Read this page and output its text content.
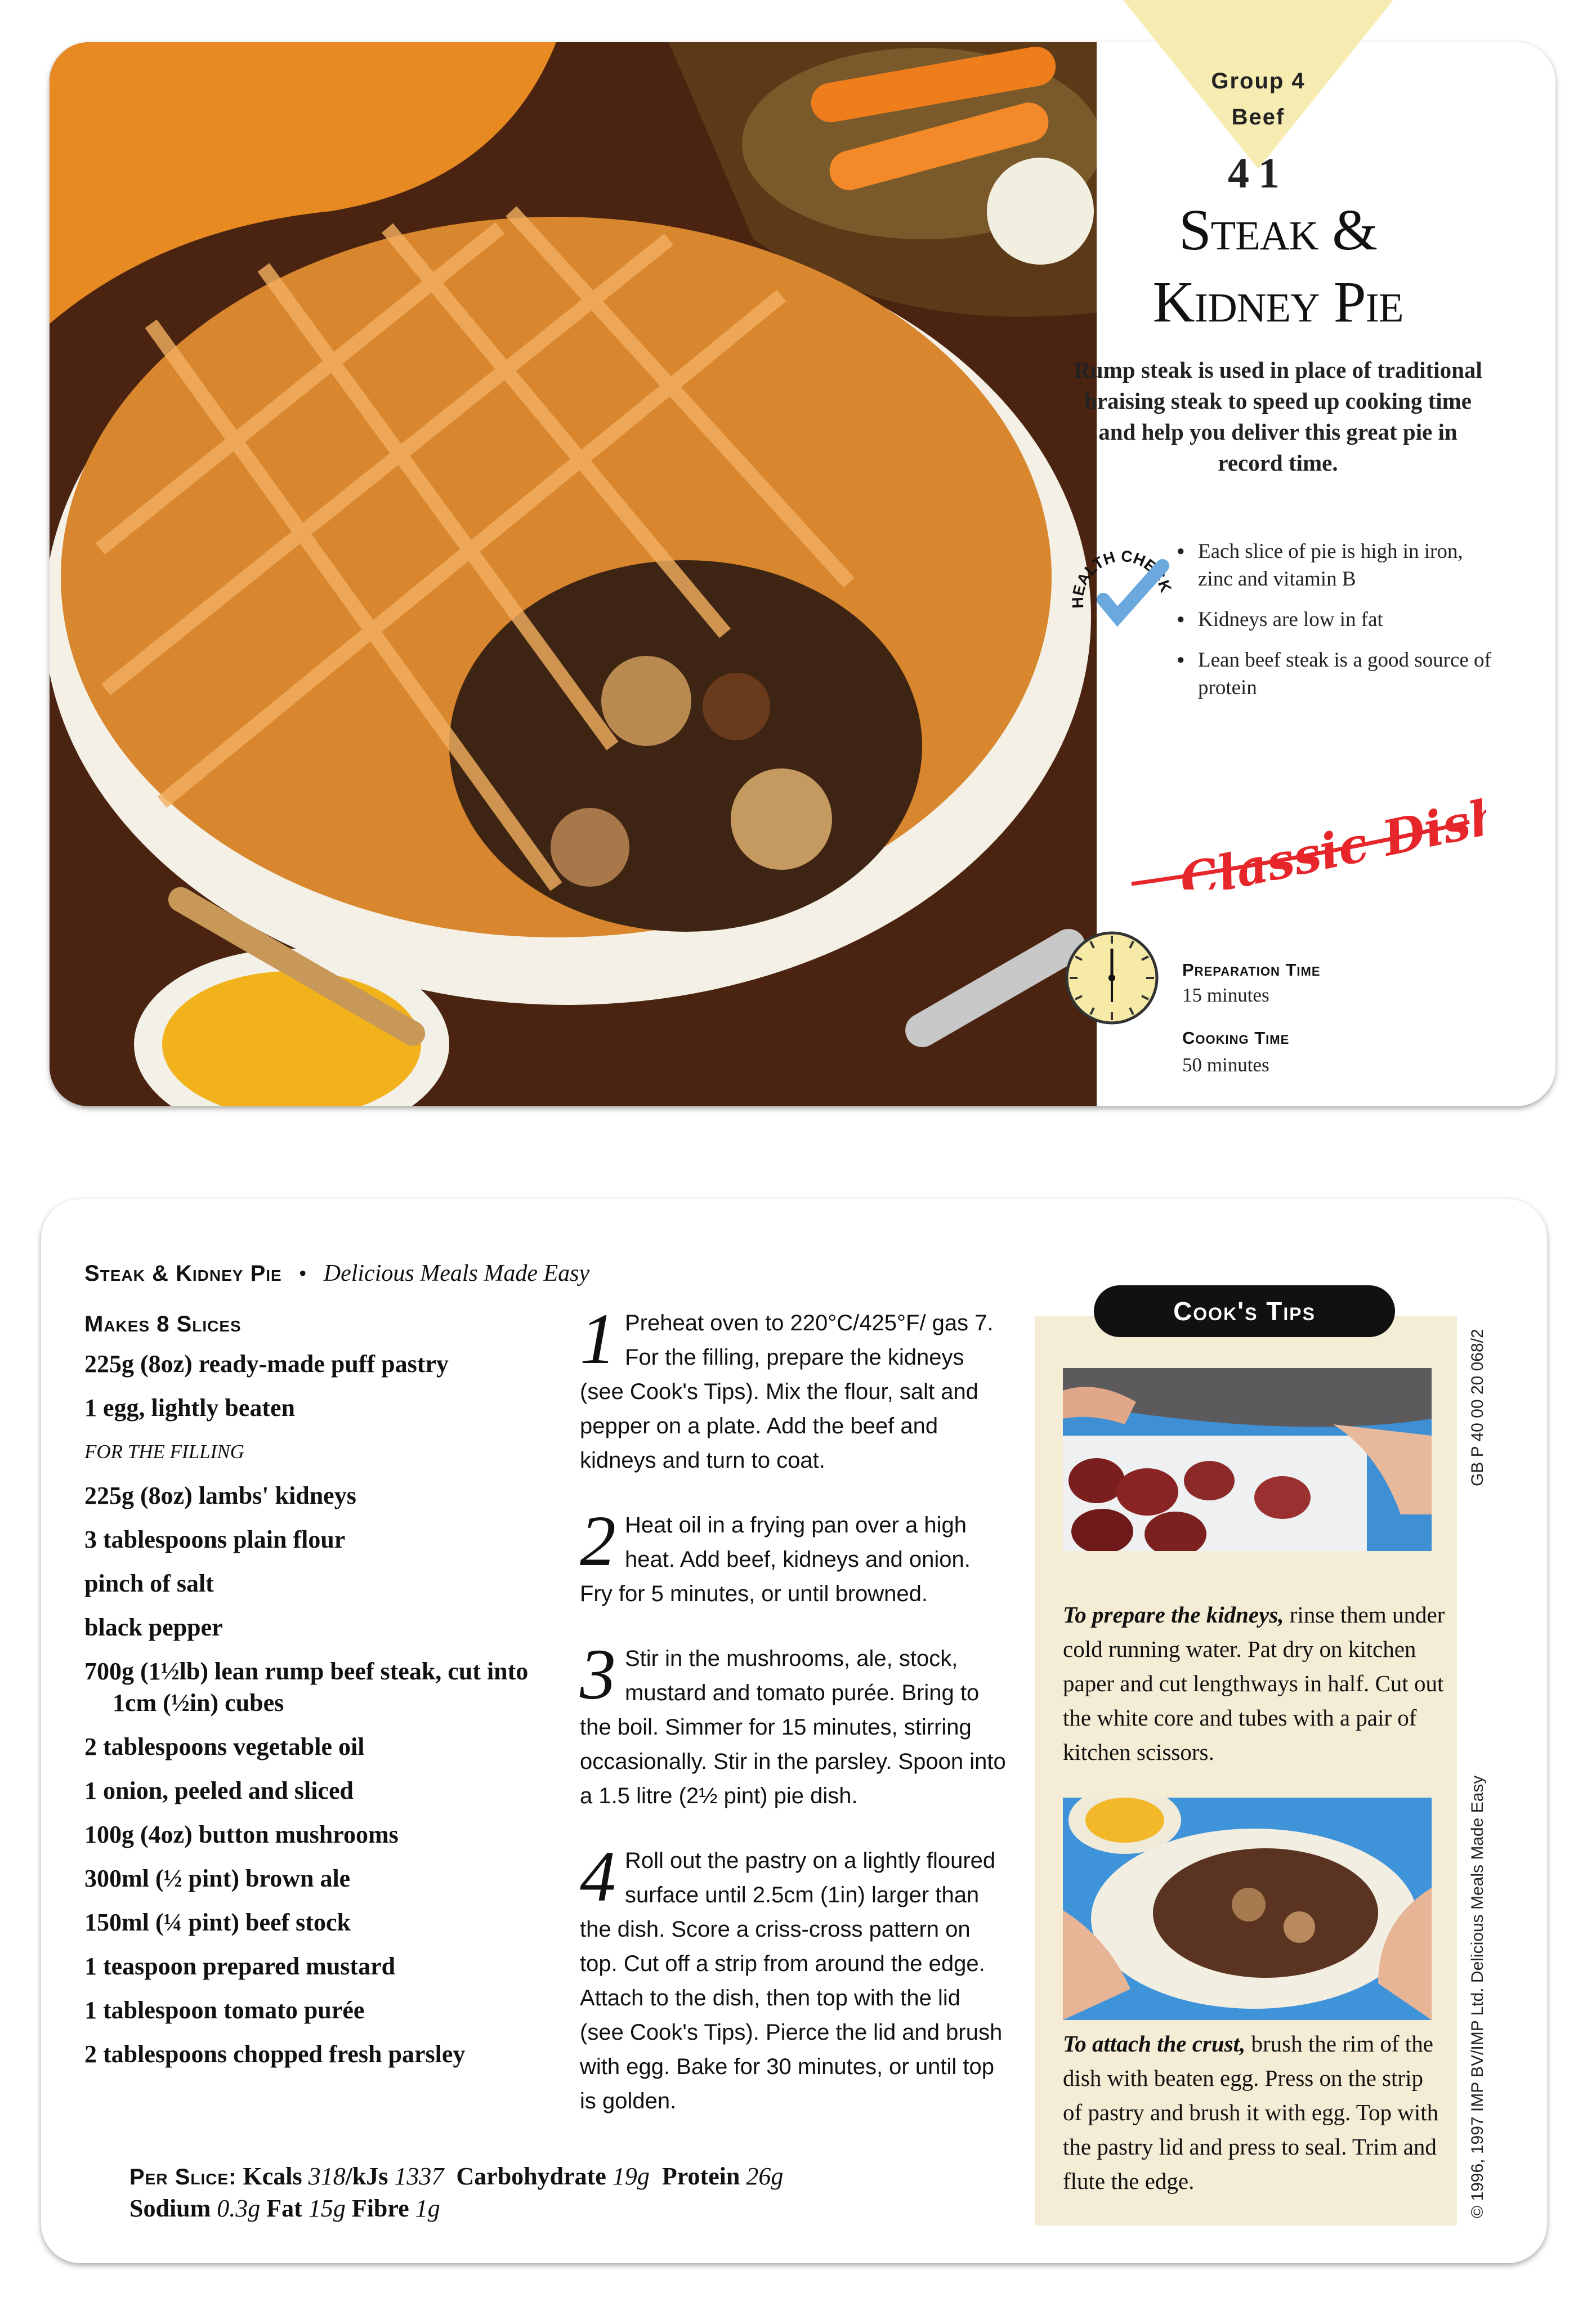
Group 4
Beef
41
Steak &
Kidney Pie
Rump steak is used in place of traditional braising steak to speed up cooking time and help you deliver this great pie in record time.
HEALTH CHECK
● Each slice of pie is high in iron, zinc and vitamin B
● Kidneys are low in fat
● Lean beef steak is a good source of protein
Classic Dish
Preparation Time
15 minutes
Cooking Time
50 minutes
Steak & Kidney Pie • Delicious Meals Made Easy
Makes 8 Slices
225g (8oz) ready-made puff pastry
1 egg, lightly beaten
FOR THE FILLING
225g (8oz) lambs' kidneys
3 tablespoons plain flour
pinch of salt
black pepper
700g (1½lb) lean rump beef steak, cut into 1cm (½in) cubes
2 tablespoons vegetable oil
1 onion, peeled and sliced
100g (4oz) button mushrooms
300ml (½ pint) brown ale
150ml (¼ pint) beef stock
1 teaspoon prepared mustard
1 tablespoon tomato purée
2 tablespoons chopped fresh parsley
1 Preheat oven to 220°C/425°F/ gas 7. For the filling, prepare the kidneys (see Cook's Tips). Mix the flour, salt and pepper on a plate. Add the beef and kidneys and turn to coat.
2 Heat oil in a frying pan over a high heat. Add beef, kidneys and onion. Fry for 5 minutes, or until browned.
3 Stir in the mushrooms, ale, stock, mustard and tomato purée. Bring to the boil. Simmer for 15 minutes, stirring occasionally. Stir in the parsley. Spoon into a 1.5 litre (2½ pint) pie dish.
4 Roll out the pastry on a lightly floured surface until 2.5cm (1in) larger than the dish. Score a criss-cross pattern on top. Cut off a strip from around the edge. Attach to the dish, then top with the lid (see Cook's Tips). Pierce the lid and brush with egg. Bake for 30 minutes, or until top is golden.
Per Slice: Kcals 318/kJs 1337 Carbohydrate 19g Protein 26g
Sodium 0.3g Fat 15g Fibre 1g
Cook's Tips
To prepare the kidneys, rinse them under cold running water. Pat dry on kitchen paper and cut lengthways in half. Cut out the white core and tubes with a pair of kitchen scissors.
To attach the crust, brush the rim of the dish with beaten egg. Press on the strip of pastry and brush it with egg. Top with the pastry lid and press to seal. Trim and flute the edge.
GB P 40 00 20 068/2
© 1996, 1997 IMP BV/IMP Ltd. Delicious Meals Made Easy
